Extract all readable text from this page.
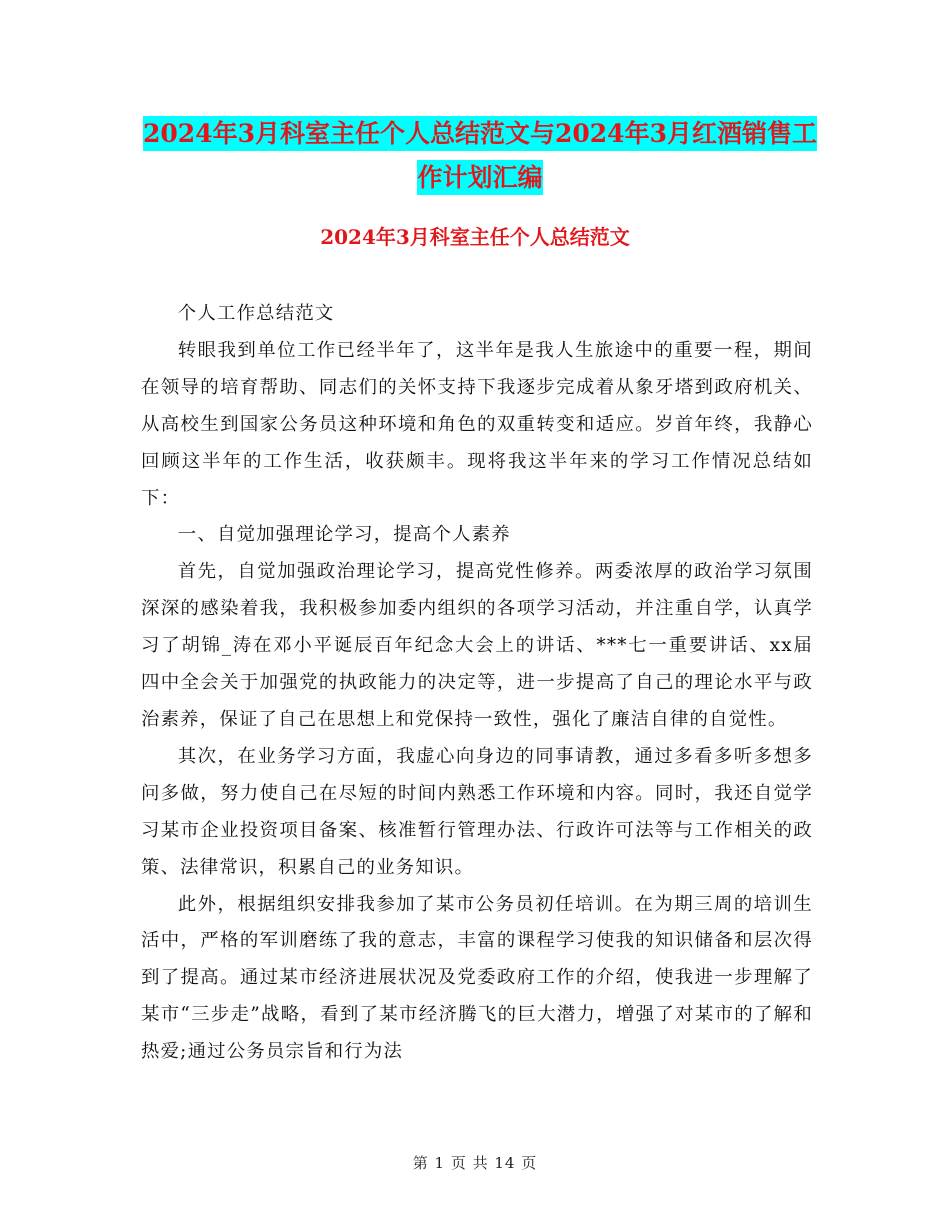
2024年3月科室主任个人总结范文与2024年3月红酒销售工作计划汇编
2024年3月科室主任个人总结范文

个人工作总结范文

转眼我到单位工作已经半年了，这半年是我人生旅途中的重要一程，期间在领导的培育帮助、同志们的关怀支持下我逐步完成着从象牙塔到政府机关、从高校生到国家公务员这种环境和角色的双重转变和适应。岁首年终，我静心回顾这半年的工作生活，收获颇丰。现将我这半年来的学习工作情况总结如下：

一、自觉加强理论学习，提高个人素养

首先，自觉加强政治理论学习，提高党性修养。两委浓厚的政治学习氛围深深的感染着我，我积极参加委内组织的各项学习活动，并注重自学，认真学习了胡锦_涛在邓小平诞辰百年纪念大会上的讲话、***七一重要讲话、xx届四中全会关于加强党的执政能力的决定等，进一步提高了自己的理论水平与政治素养，保证了自己在思想上和党保持一致性，强化了廉洁自律的自觉性。

其次，在业务学习方面，我虚心向身边的同事请教，通过多看多听多想多问多做，努力使自己在尽短的时间内熟悉工作环境和内容。同时，我还自觉学习某市企业投资项目备案、核准暂行管理办法、行政许可法等与工作相关的政策、法律常识，积累自己的业务知识。

此外，根据组织安排我参加了某市公务员初任培训。在为期三周的培训生活中，严格的军训磨练了我的意志，丰富的课程学习使我的知识储备和层次得到了提高。通过某市经济进展状况及党委政府工作的介绍，使我进一步理解了某市“三步走”战略，看到了某市经济腾飞的巨大潜力，增强了对某市的了解和热爱;通过公务员宗旨和行为法

第 1 页 共 14 页
